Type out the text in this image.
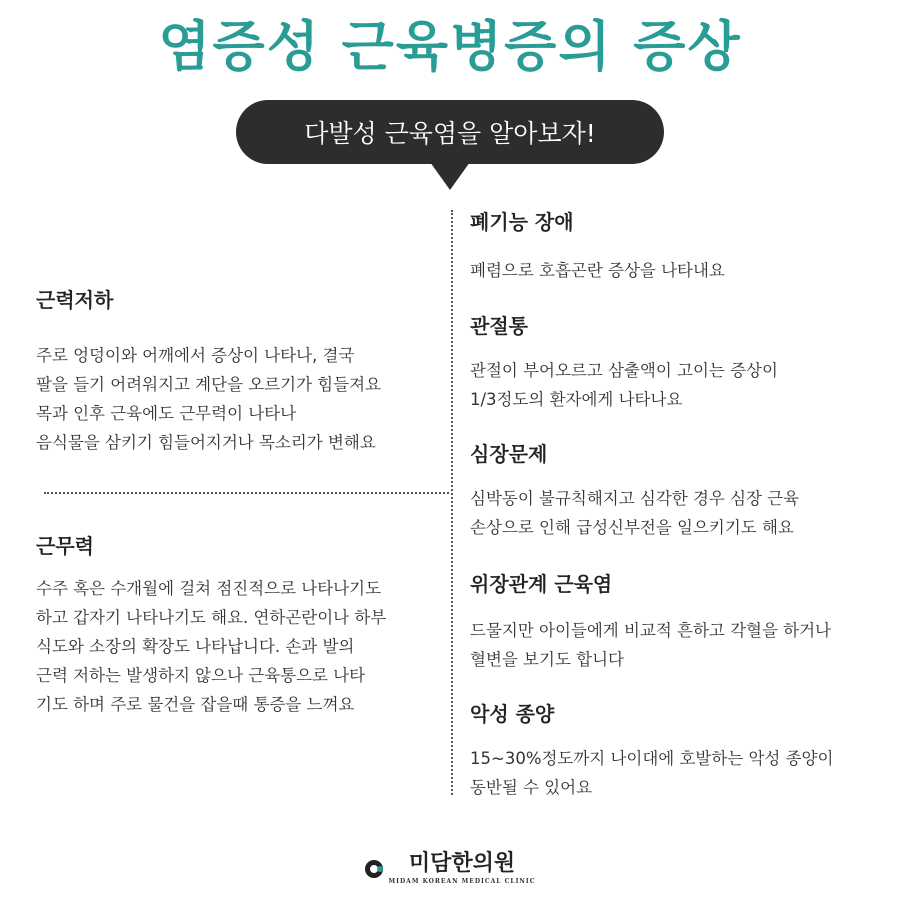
염증성 근육병증의 증상
다발성 근육염을 알아보자!
근력저하
주로 엉덩이와 어깨에서 증상이 나타나, 결국
팔을 들기 어려워지고 계단을 오르기가 힘들져요
목과 인후 근육에도 근무력이 나타나
음식물을 삼키기 힘들어지거나 목소리가 변해요
근무력
수주 혹은 수개월에 걸쳐 점진적으로 나타나기도
하고 갑자기 나타나기도 해요. 연하곤란이나 하부
식도와 소장의 확장도 나타납니다. 손과 발의
근력 저하는 발생하지 않으나 근육통으로 나타
기도 하며 주로 물건을 잡을때 통증을 느껴요
폐기능 장애
폐렴으로 호흡곤란 증상을 나타내요
관절통
관절이 부어오르고 삼출액이 고이는 증상이
1/3정도의 환자에게 나타나요
심장문제
심박동이 불규칙해지고 심각한 경우 심장 근육
손상으로 인해 급성신부전을 일으키기도 해요
위장관계 근육염
드물지만 아이들에게 비교적 흔하고 각혈을 하거나
혈변을 보기도 합니다
악성 종양
15~30%정도까지 나이대에 호발하는 악성 종양이
동반될 수 있어요
미담한의원
MIDAM KOREAN MEDICAL CLINIC
